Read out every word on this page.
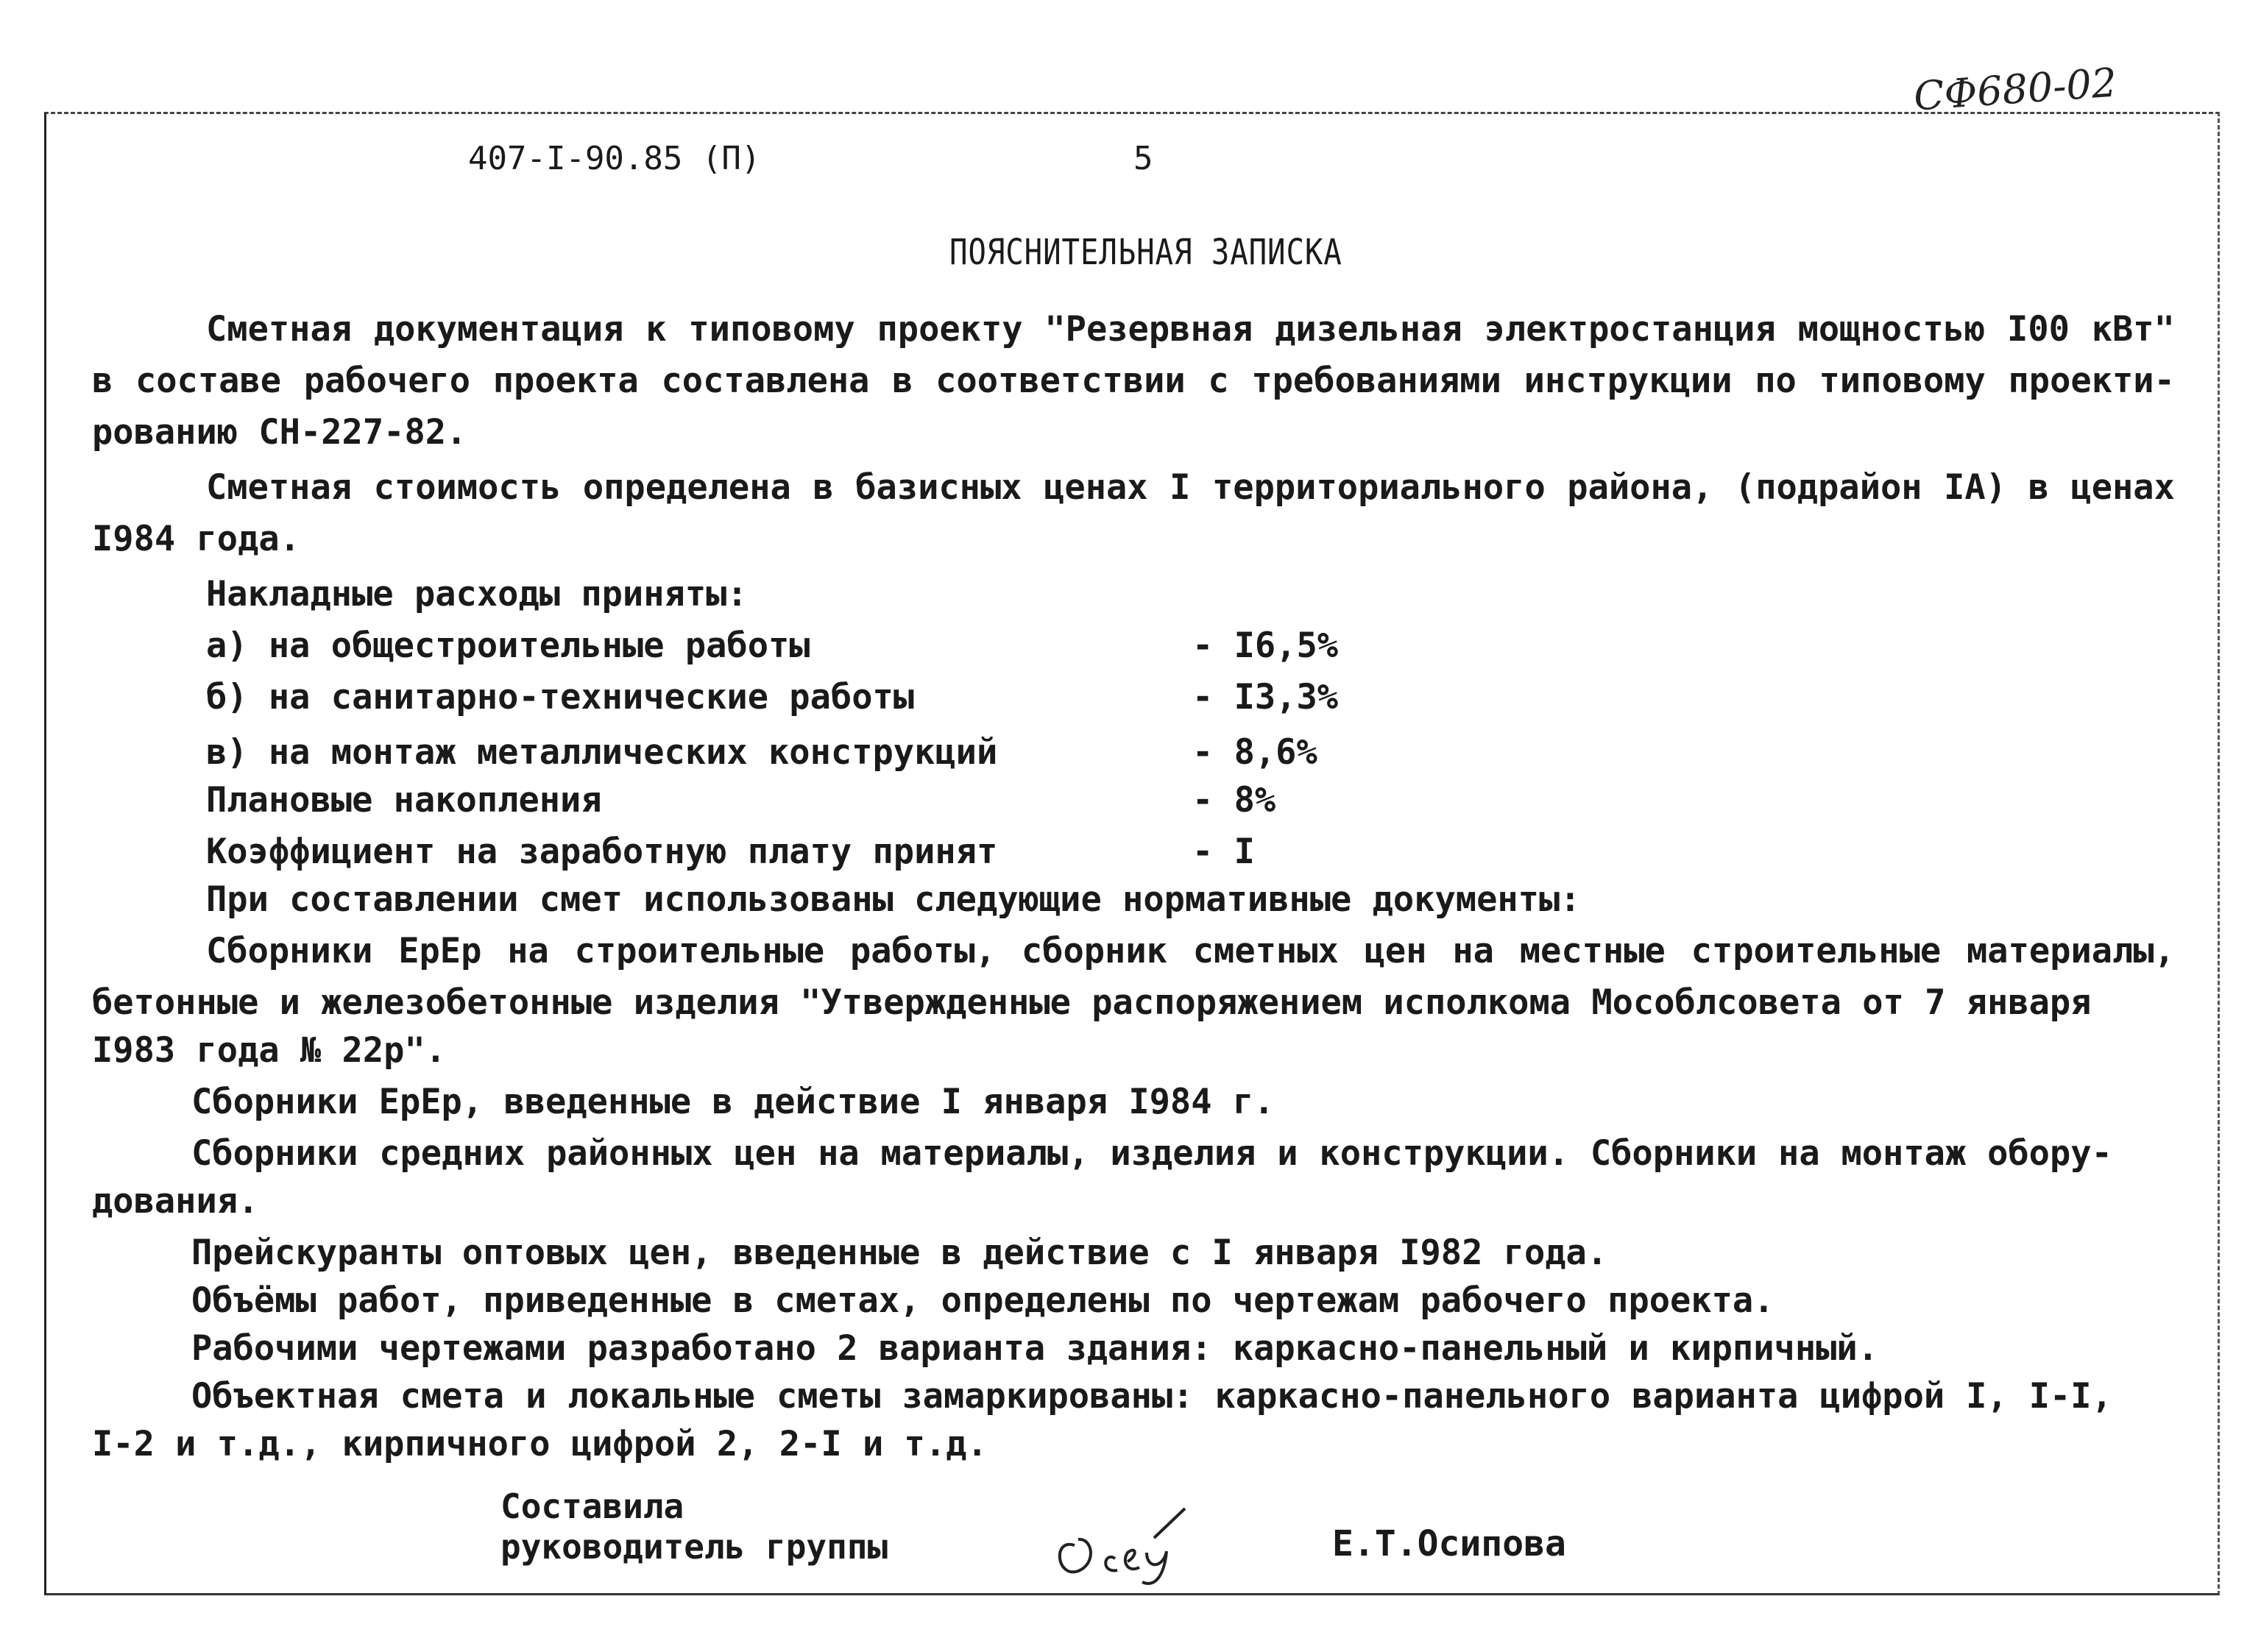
СФ680-02
407-I-90.85 (П)	5
ПОЯСНИТЕЛЬНАЯ ЗАПИСКА
Сметная документация к типовому проекту "Резервная дизельная электростанция мощностью I00 кВт"
в составе рабочего проекта составлена в соответствии с требованиями инструкции по типовому проекти-
рованию СН-227-82.
Сметная стоимость определена в базисных ценах I территориального района, (подрайон IА) в ценах
I984 года.
Накладные расходы приняты:
а) на общестроительные работы	- I6,5%
б) на санитарно-технические работы	- I3,3%
в) на монтаж металлических конструкций	- 8,6%
Плановые накопления	- 8%
Коэффициент на заработную плату принят	- I
При составлении смет использованы следующие нормативные документы:
Сборники ЕрЕр на строительные работы, сборник сметных цен на местные строительные материалы,
бетонные и железобетонные изделия "Утвержденные распоряжением исполкома Мособлсовета от 7 января
I983 года № 22р".
Сборники ЕрЕр, введенные в действие I января I984 г.
Сборники средних районных цен на материалы, изделия и конструкции. Сборники на монтаж обору-
дования.
Прейскуранты оптовых цен, введенные в действие с I января I982 года.
Объёмы работ, приведенные в сметах, определены по чертежам рабочего проекта.
Рабочими чертежами разработано 2 варианта здания: каркасно-панельный и кирпичный.
Объектная смета и локальные сметы замаркированы: каркасно-панельного варианта цифрой I, I-I,
I-2 и т.д., кирпичного цифрой 2, 2-I и т.д.
Составила
руководитель группы	Е.Т.Осипова
